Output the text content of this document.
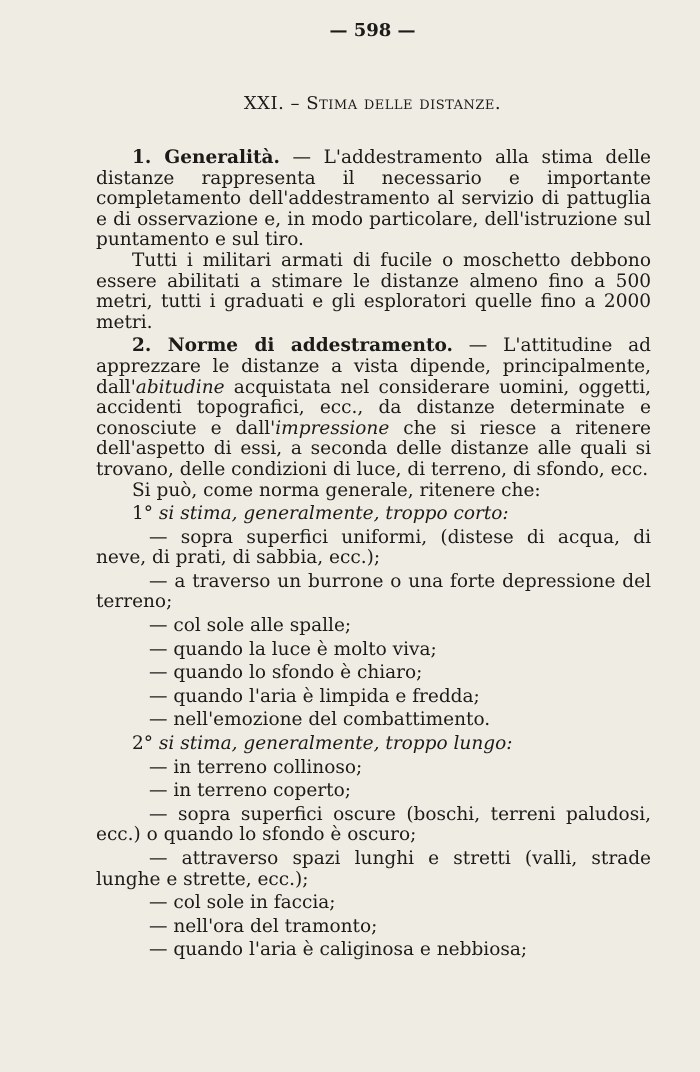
— 598 —
XXI. – Stima delle distanze.

1. Generalità. — L'addestramento alla stima delle distanze rappresenta il necessario e importante completamento dell'addestramento al servizio di pattuglia e di osservazione e, in modo particolare, dell'istruzione sul puntamento e sul tiro.

Tutti i militari armati di fucile o moschetto debbono essere abilitati a stimare le distanze almeno fino a 500 metri, tutti i graduati e gli esploratori quelle fino a 2000 metri.

2. Norme di addestramento. — L'attitudine ad apprezzare le distanze a vista dipende, principalmente, dall'abitudine acquistata nel considerare uomini, oggetti, accidenti topografici, ecc., da distanze determinate e conosciute e dall'impressione che si riesce a ritenere dell'aspetto di essi, a seconda delle distanze alle quali si trovano, delle condizioni di luce, di terreno, di sfondo, ecc.

Si può, come norma generale, ritenere che:

1° si stima, generalmente, troppo corto:

— sopra superfici uniformi, (distese di acqua, di neve, di prati, di sabbia, ecc.);

— a traverso un burrone o una forte depressione del terreno;

— col sole alle spalle;

— quando la luce è molto viva;

— quando lo sfondo è chiaro;

— quando l'aria è limpida e fredda;

— nell'emozione del combattimento.

2° si stima, generalmente, troppo lungo:

— in terreno collinoso;

— in terreno coperto;

— sopra superfici oscure (boschi, terreni paludosi, ecc.) o quando lo sfondo è oscuro;

— attraverso spazi lunghi e stretti (valli, strade lunghe e strette, ecc.);

— col sole in faccia;

— nell'ora del tramonto;

— quando l'aria è caliginosa e nebbiosa;
